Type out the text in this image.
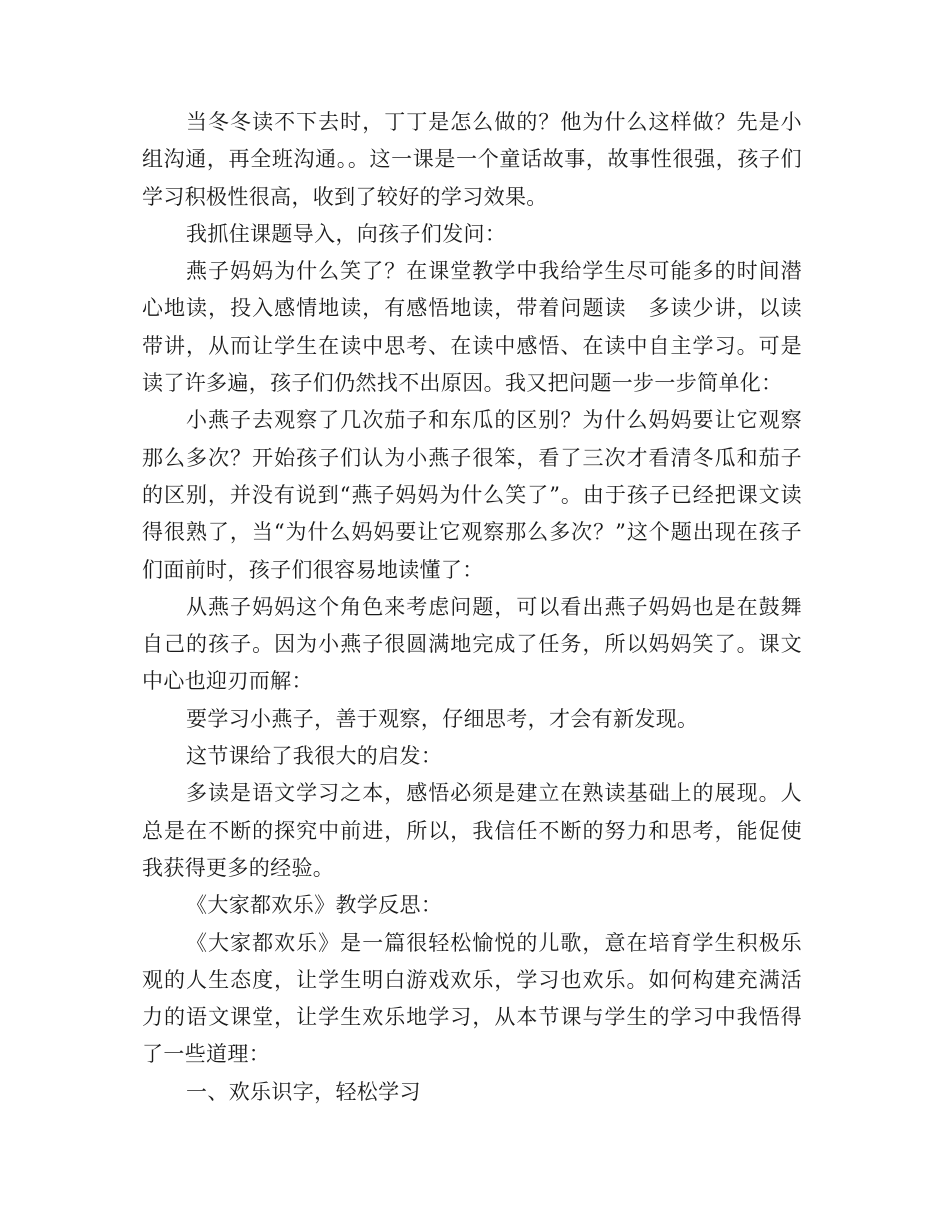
当冬冬读不下去时，丁丁是怎么做的？他为什么这样做？先是小组沟通，再全班沟通。。这一课是一个童话故事，故事性很强，孩子们学习积极性很高，收到了较好的学习效果。

我抓住课题导入，向孩子们发问：

燕子妈妈为什么笑了？在课堂教学中我给学生尽可能多的时间潜心地读，投入感情地读，有感悟地读，带着问题读　多读少讲，以读带讲，从而让学生在读中思考、在读中感悟、在读中自主学习。可是读了许多遍，孩子们仍然找不出原因。我又把问题一步一步简单化：

小燕子去观察了几次茄子和东瓜的区别？为什么妈妈要让它观察那么多次？开始孩子们认为小燕子很笨，看了三次才看清冬瓜和茄子的区别，并没有说到“燕子妈妈为什么笑了”。由于孩子已经把课文读得很熟了，当“为什么妈妈要让它观察那么多次？”这个题出现在孩子们面前时，孩子们很容易地读懂了：

从燕子妈妈这个角色来考虑问题，可以看出燕子妈妈也是在鼓舞自己的孩子。因为小燕子很圆满地完成了任务，所以妈妈笑了。课文中心也迎刃而解：

要学习小燕子，善于观察，仔细思考，才会有新发现。

这节课给了我很大的启发：

多读是语文学习之本，感悟必须是建立在熟读基础上的展现。人总是在不断的探究中前进，所以，我信任不断的努力和思考，能促使我获得更多的经验。

《大家都欢乐》教学反思：

《大家都欢乐》是一篇很轻松愉悦的儿歌，意在培育学生积极乐观的人生态度，让学生明白游戏欢乐，学习也欢乐。如何构建充满活力的语文课堂，让学生欢乐地学习，从本节课与学生的学习中我悟得了一些道理：

一、欢乐识字，轻松学习
